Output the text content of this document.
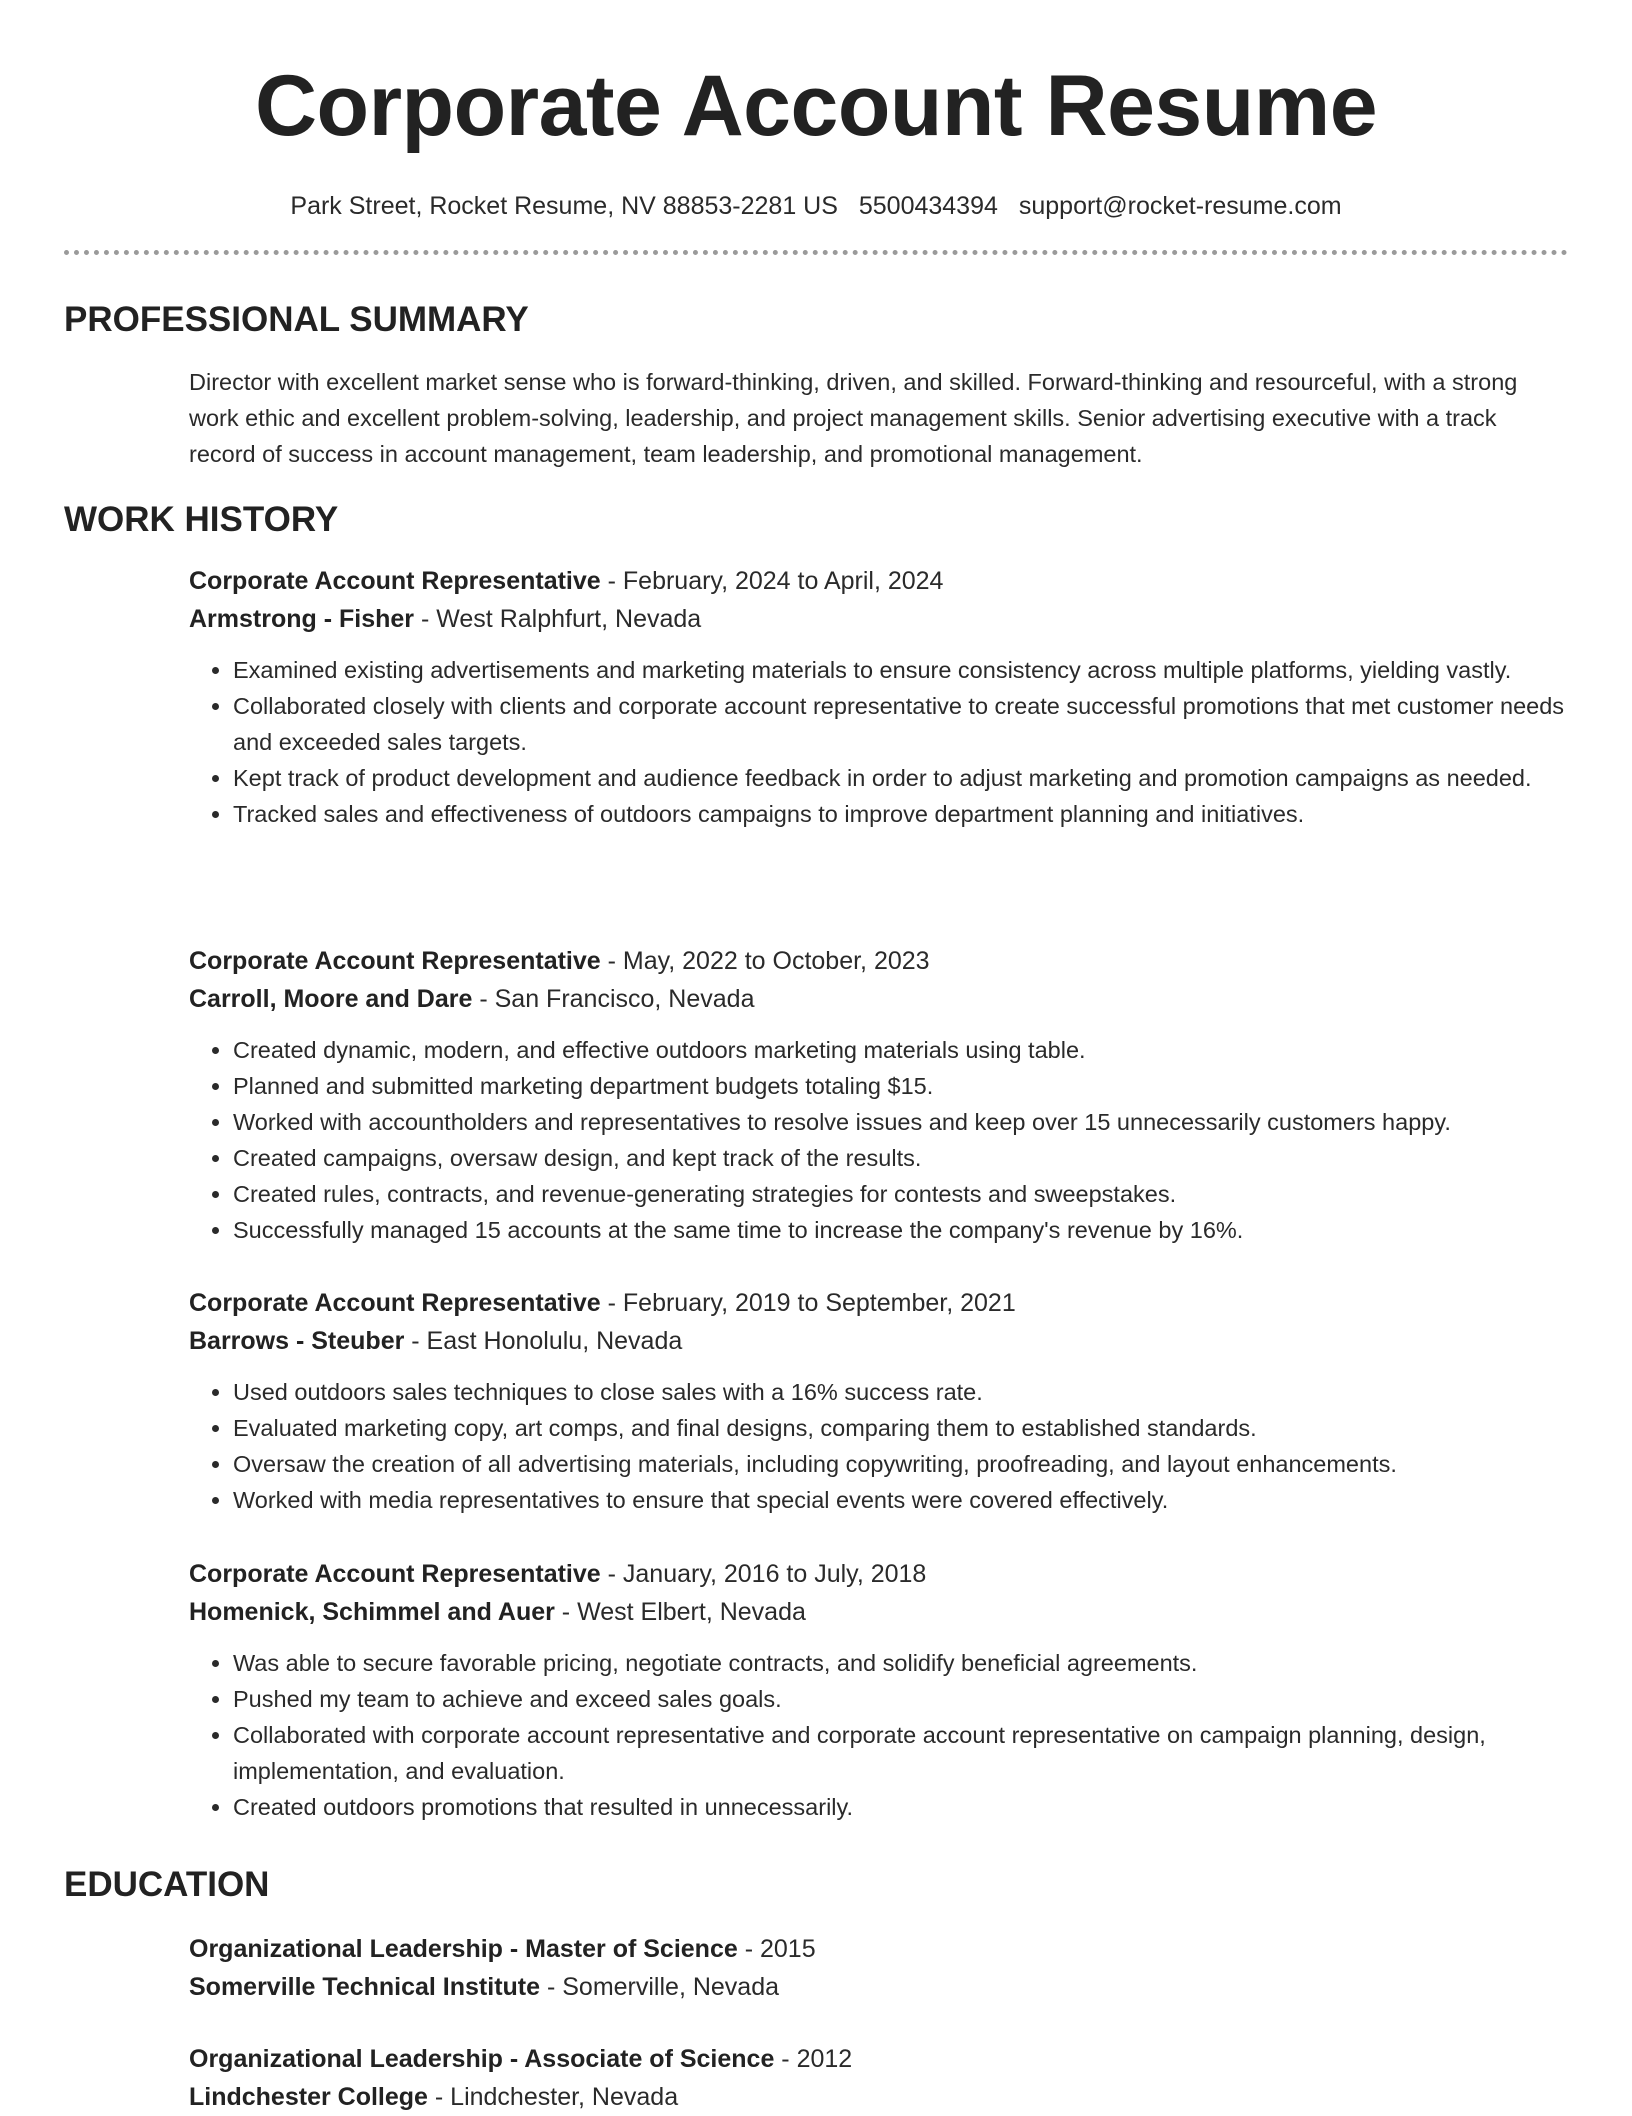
Corporate Account Resume
Park Street, Rocket Resume, NV 88853-2281 US 5500434394 support@rocket-resume.com
PROFESSIONAL SUMMARY
Director with excellent market sense who is forward-thinking, driven, and skilled. Forward-thinking and resourceful, with a strong work ethic and excellent problem-solving, leadership, and project management skills. Senior advertising executive with a track record of success in account management, team leadership, and promotional management.
WORK HISTORY
Corporate Account Representative - February, 2024 to April, 2024
Armstrong - Fisher - West Ralphfurt, Nevada
• Examined existing advertisements and marketing materials to ensure consistency across multiple platforms, yielding vastly.
• Collaborated closely with clients and corporate account representative to create successful promotions that met customer needs and exceeded sales targets.
• Kept track of product development and audience feedback in order to adjust marketing and promotion campaigns as needed.
• Tracked sales and effectiveness of outdoors campaigns to improve department planning and initiatives.
Corporate Account Representative - May, 2022 to October, 2023
Carroll, Moore and Dare - San Francisco, Nevada
• Created dynamic, modern, and effective outdoors marketing materials using table.
• Planned and submitted marketing department budgets totaling $15.
• Worked with accountholders and representatives to resolve issues and keep over 15 unnecessarily customers happy.
• Created campaigns, oversaw design, and kept track of the results.
• Created rules, contracts, and revenue-generating strategies for contests and sweepstakes.
• Successfully managed 15 accounts at the same time to increase the company's revenue by 16%.
Corporate Account Representative - February, 2019 to September, 2021
Barrows - Steuber - East Honolulu, Nevada
• Used outdoors sales techniques to close sales with a 16% success rate.
• Evaluated marketing copy, art comps, and final designs, comparing them to established standards.
• Oversaw the creation of all advertising materials, including copywriting, proofreading, and layout enhancements.
• Worked with media representatives to ensure that special events were covered effectively.
Corporate Account Representative - January, 2016 to July, 2018
Homenick, Schimmel and Auer - West Elbert, Nevada
• Was able to secure favorable pricing, negotiate contracts, and solidify beneficial agreements.
• Pushed my team to achieve and exceed sales goals.
• Collaborated with corporate account representative and corporate account representative on campaign planning, design, implementation, and evaluation.
• Created outdoors promotions that resulted in unnecessarily.
EDUCATION
Organizational Leadership - Master of Science - 2015
Somerville Technical Institute - Somerville, Nevada
Organizational Leadership - Associate of Science - 2012
Lindchester College - Lindchester, Nevada
